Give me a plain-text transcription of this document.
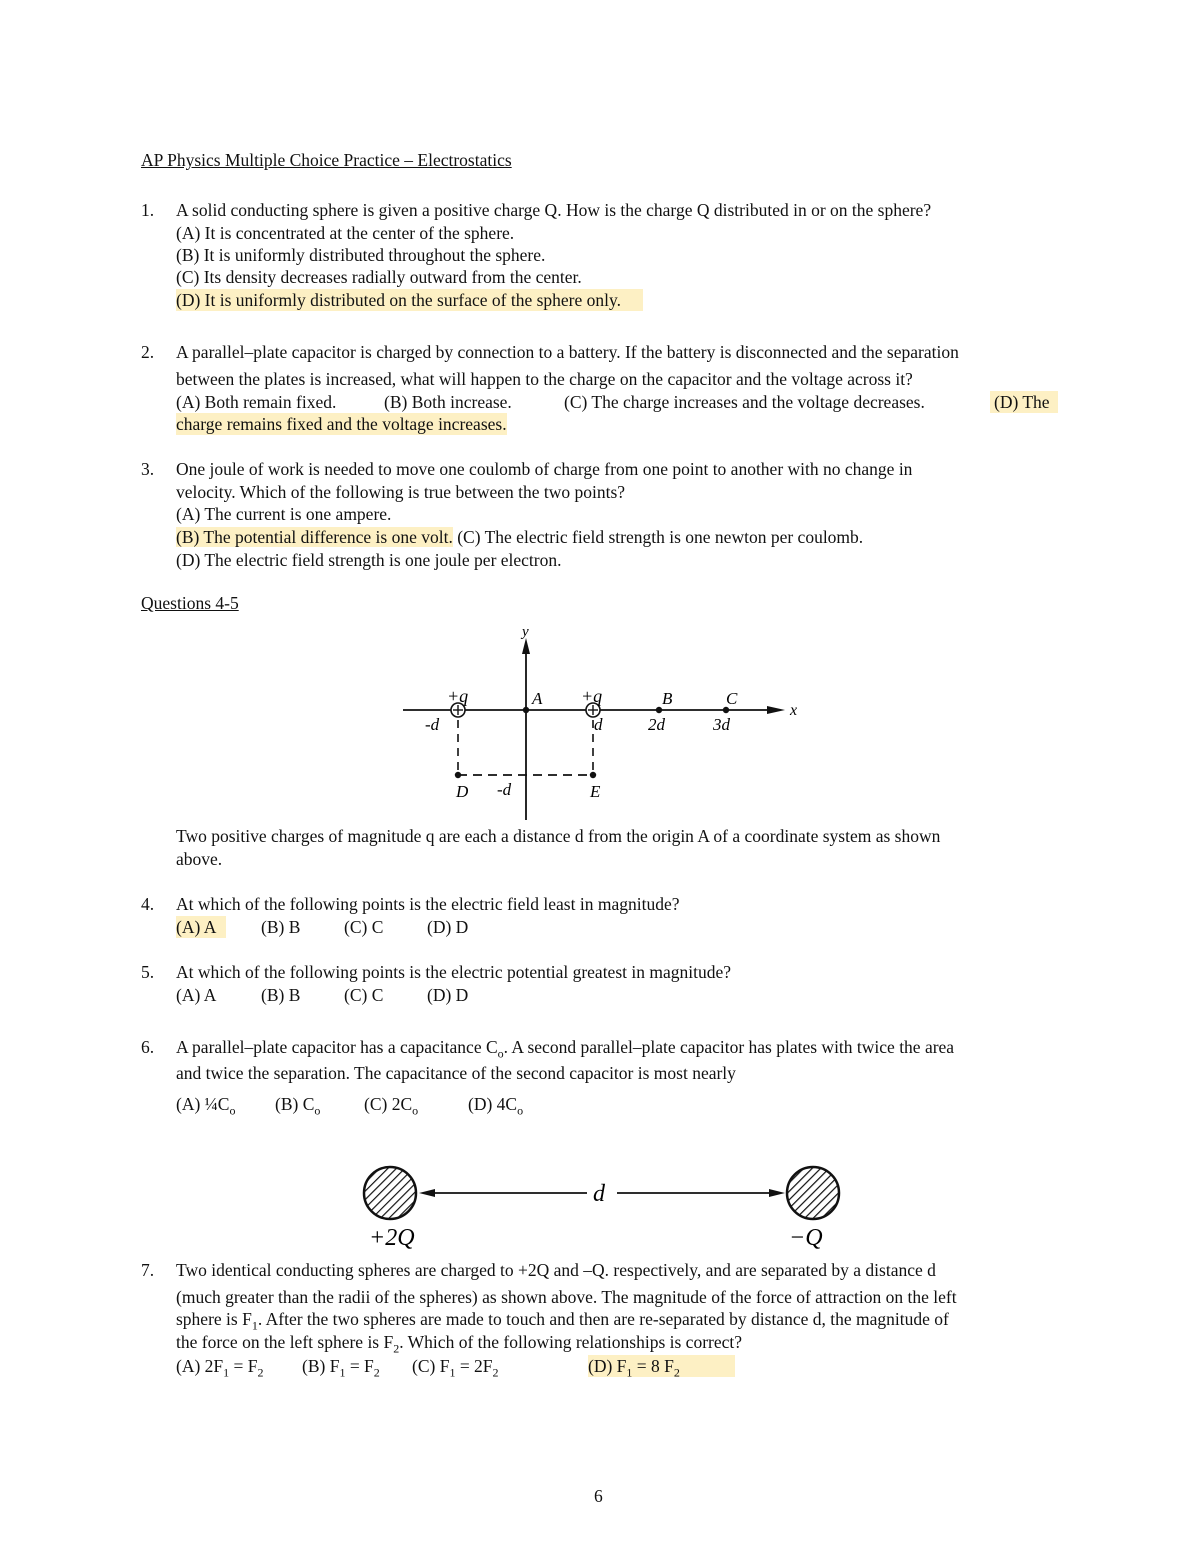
AP Physics Multiple Choice Practice – Electrostatics
1. A solid conducting sphere is given a positive charge Q. How is the charge Q distributed in or on the sphere?
(A) It is concentrated at the center of the sphere.
(B) It is uniformly distributed throughout the sphere.
(C) Its density decreases radially outward from the center.
(D) It is uniformly distributed on the surface of the sphere only.
2. A parallel–plate capacitor is charged by connection to a battery. If the battery is disconnected and the separation
between the plates is increased, what will happen to the charge on the capacitor and the voltage across it?
(A) Both remain fixed.	(B) Both increase.	(C) The charge increases and the voltage decreases.	(D) The
charge remains fixed and the voltage increases.
3. One joule of work is needed to move one coulomb of charge from one point to another with no change in
velocity. Which of the following is true between the two points?
(A) The current is one ampere.
(B) The potential difference is one volt. (C) The electric field strength is one newton per coulomb.
(D) The electric field strength is one joule per electron.
Questions 4-5
y
x
+q	+q
A	B	C
-d	d	2d	3d
D -d	E
Two positive charges of magnitude q are each a distance d from the origin A of a coordinate system as shown
above.
4. At which of the following points is the electric field least in magnitude?
(A) A	(B) B (C) C (D) D
5. At which of the following points is the electric potential greatest in magnitude?
(A) A	(B) B (C) C (D) D
6. A parallel–plate capacitor has a capacitance $C_o$. A second parallel–plate capacitor has plates with twice the area
and twice the separation. The capacitance of the second capacitor is most nearly
(A) $\frac{1}{4}C_o$ (B) $C_o$ (C) $2C_o$	(D) $4C_o$
d
+2Q	−Q
7. Two identical conducting spheres are charged to +2Q and –Q. respectively, and are separated by a distance d
(much greater than the radii of the spheres) as shown above. The magnitude of the force of attraction on the left
sphere is $F_1$. After the two spheres are made to touch and then are re-separated by distance d, the magnitude of
the force on the left sphere is $F_2$. Which of the following relationships is correct?
(A) $2F_1 = F_2$ (B) $F_1 = F_2$ (C) $F_1 = 2F_2$	(D) $F_1 = 8$ $F_2$
6
